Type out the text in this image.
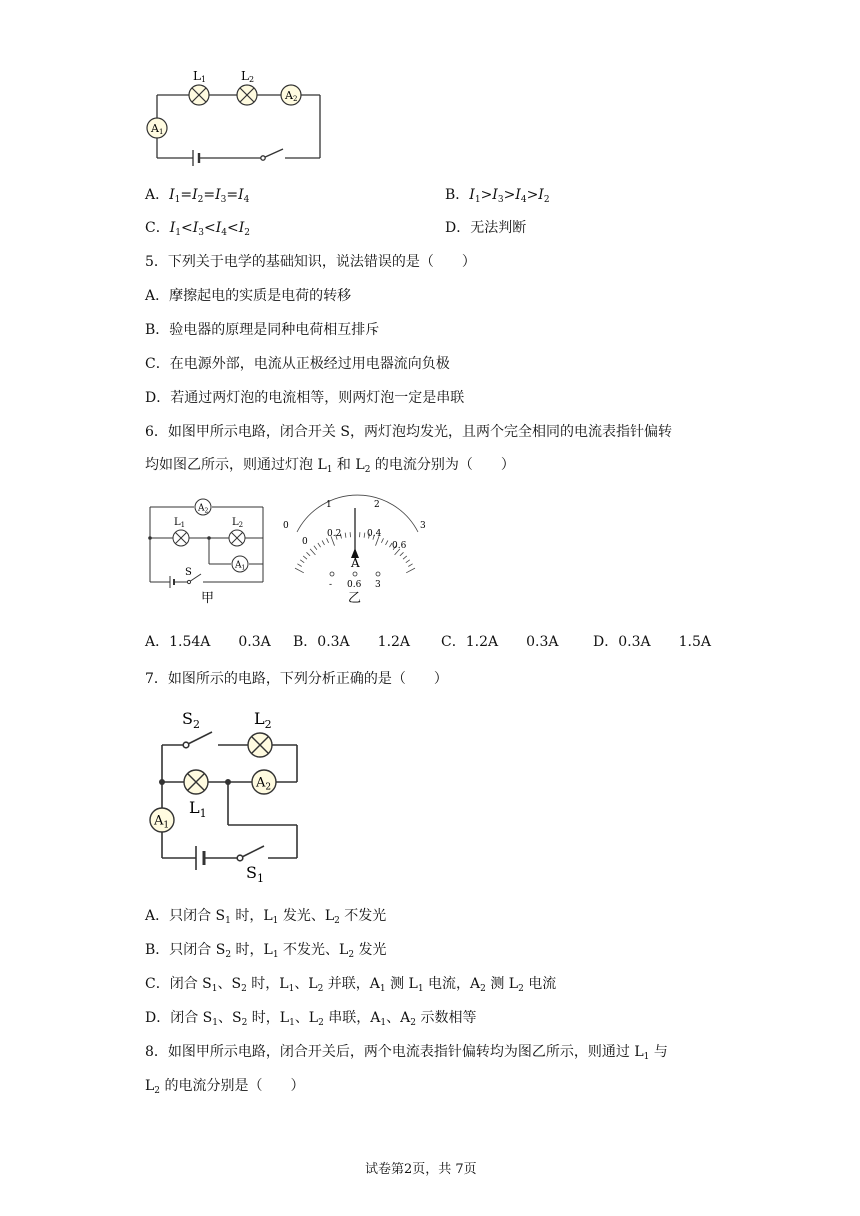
L1	L2
A2
A1
A．$I_1=I_2=I_3=I_4$	B．$I_1>I_3>I_4>I_2$
C．$I_1<I_3<I_4<I_2$	D．无法判断
5．下列关于电学的基础知识，说法错误的是（　　）
A．摩擦起电的实质是电荷的转移
B．验电器的原理是同种电荷相互排斥
C．在电源外部，电流从正极经过用电器流向负极
D．若通过两灯泡的电流相等，则两灯泡一定是串联
6．如图甲所示电路，闭合开关 S，两灯泡均发光，且两个完全相同的电流表指针偏转
均如图乙所示，则通过灯泡 $L_1$ 和 $L_2$ 的电流分别为（　　）
$A_2$
$A_1$
$L_1$	$L_2$
S
甲
A
0
1	2
3
0
0.2	0.4
0.6
- 0.6 3
乙
A．1.54A　　0.3A B．0.3A　　1.2A C．1.2A　　0.3A D．0.3A　　1.5A
7．如图所示的电路，下列分析正确的是（　　）
$A_2$
$A_1$
$S_2$	$L_2$
$L_1$
$S_1$
A．只闭合 $S_1$ 时，$L_1$ 发光、$L_2$ 不发光
B．只闭合 $S_2$ 时，$L_1$ 不发光、$L_2$ 发光
C．闭合 $S_1$、$S_2$ 时，$L_1$、$L_2$ 并联，$A_1$ 测 $L_1$ 电流，$A_2$ 测 $L_2$ 电流
D．闭合 $S_1$、$S_2$ 时，$L_1$、$L_2$ 串联，$A_1$、$A_2$ 示数相等
8．如图甲所示电路，闭合开关后，两个电流表指针偏转均为图乙所示，则通过 $L_1$ 与
$L_2$ 的电流分别是（　　）
试卷第2页，共 7页
